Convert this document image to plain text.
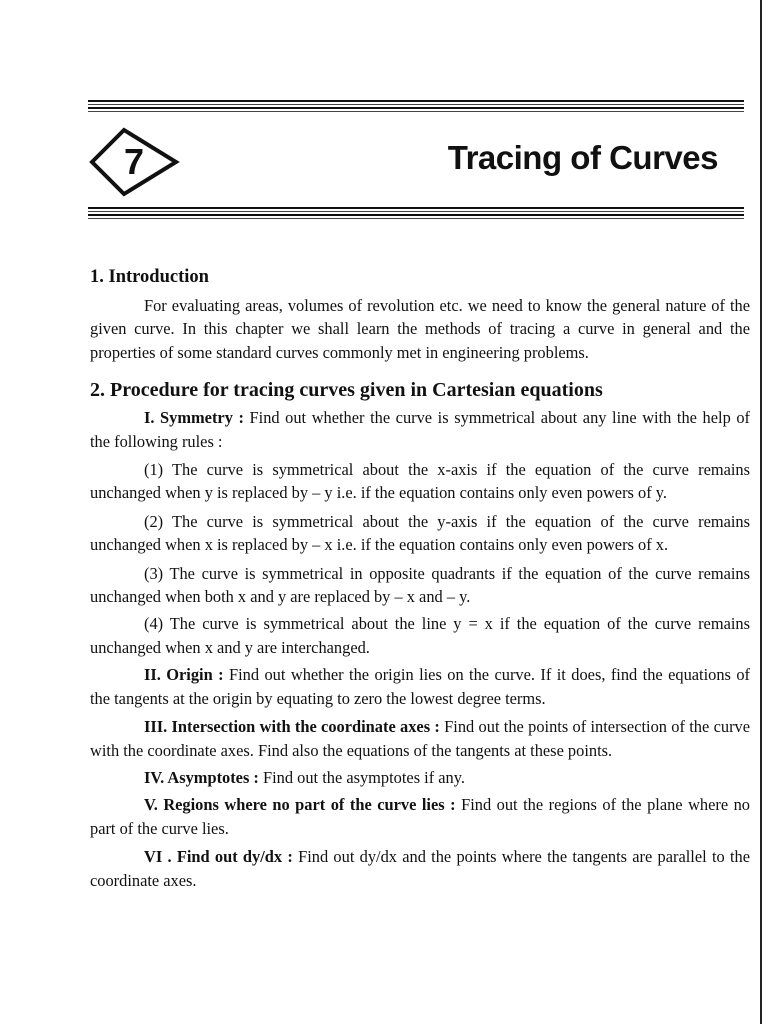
7	Tracing of Curves
1. Introduction

For evaluating areas, volumes of revolution etc. we need to know the general nature of the given curve. In this chapter we shall learn the methods of tracing a curve in general and the properties of some standard curves commonly met in engineering problems.

2. Procedure for tracing curves given in Cartesian equations

I. Symmetry : Find out whether the curve is symmetrical about any line with the help of the following rules :

(1) The curve is symmetrical about the x-axis if the equation of the curve remains unchanged when y is replaced by – y i.e. if the equation contains only even powers of y.

(2) The curve is symmetrical about the y-axis if the equation of the curve remains unchanged when x is replaced by – x i.e. if the equation contains only even powers of x.

(3) The curve is symmetrical in opposite quadrants if the equation of the curve remains unchanged when both x and y are replaced by – x and – y.

(4) The curve is symmetrical about the line y = x if the equation of the curve remains unchanged when x and y are interchanged.

II. Origin : Find out whether the origin lies on the curve. If it does, find the equations of the tangents at the origin by equating to zero the lowest degree terms.

III. Intersection with the coordinate axes : Find out the points of intersection of the curve with the coordinate axes. Find also the equations of the tangents at these points.

IV. Asymptotes : Find out the asymptotes if any.

V. Regions where no part of the curve lies : Find out the regions of the plane where no part of the curve lies.

VI . Find out dy/dx : Find out dy/dx and the points where the tangents are parallel to the coordinate axes.
